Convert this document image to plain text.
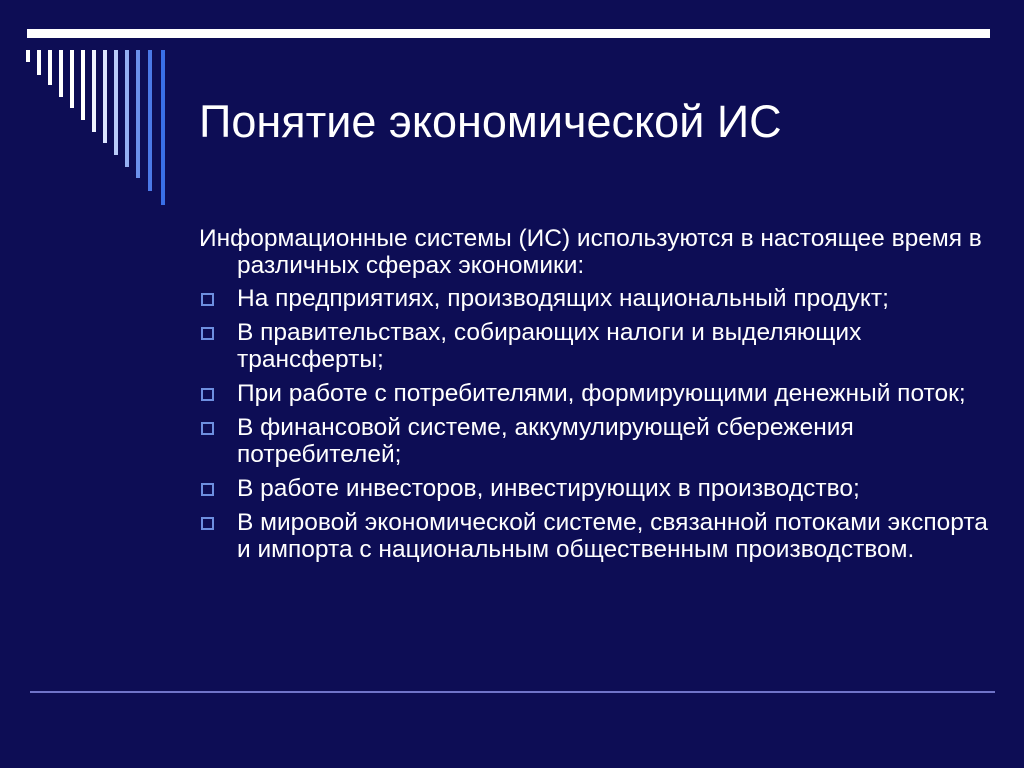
Понятие экономической ИС

Информационные системы (ИС) используются в настоящее время в различных сферах экономики:

На предприятиях, производящих национальный продукт;
В правительствах, собирающих налоги и выделяющих трансферты;
При работе с потребителями, формирующими денежный поток;
В финансовой системе, аккумулирующей сбережения потребителей;
В работе инвесторов, инвестирующих в производство;
В мировой экономической системе, связанной потоками экспорта и импорта с национальным общественным производством.
